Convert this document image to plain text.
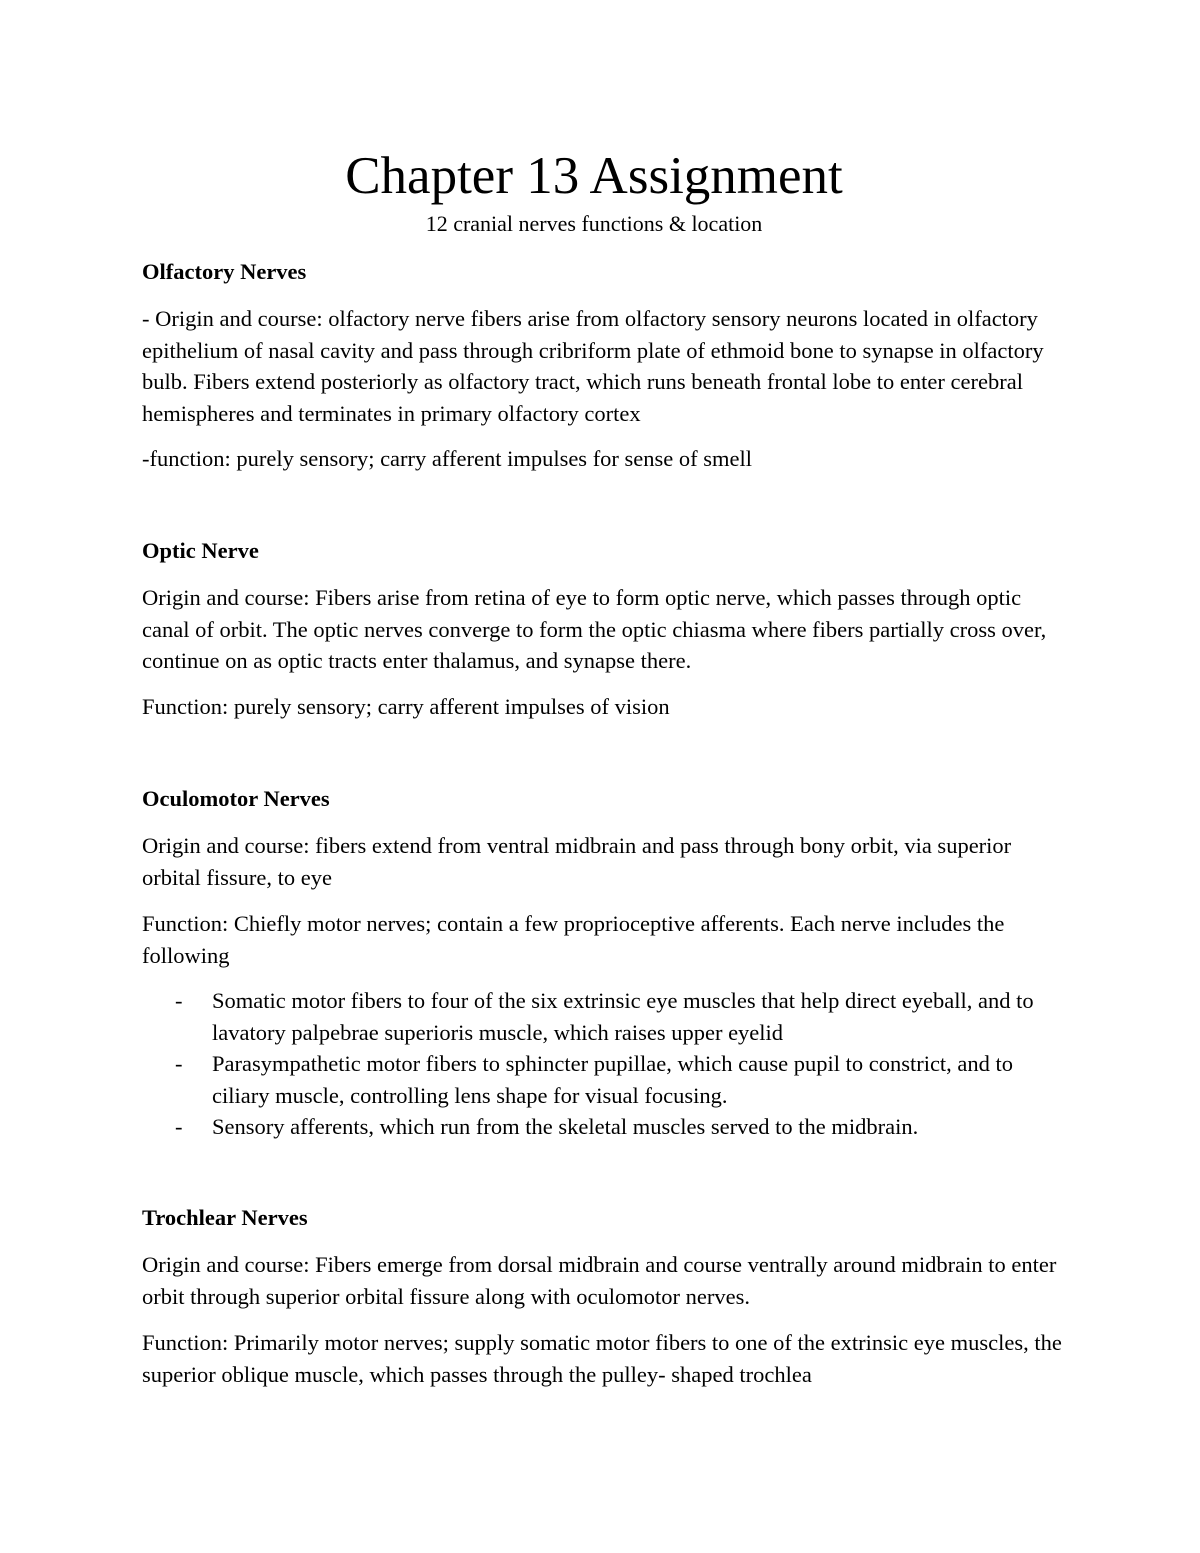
Chapter 13 Assignment

12 cranial nerves functions & location

Olfactory Nerves

- Origin and course: olfactory nerve fibers arise from olfactory sensory neurons located in olfactory epithelium of nasal cavity and pass through cribriform plate of ethmoid bone to synapse in olfactory bulb. Fibers extend posteriorly as olfactory tract, which runs beneath frontal lobe to enter cerebral hemispheres and terminates in primary olfactory cortex

-function: purely sensory; carry afferent impulses for sense of smell

Optic Nerve

Origin and course: Fibers arise from retina of eye to form optic nerve, which passes through optic canal of orbit. The optic nerves converge to form the optic chiasma where fibers partially cross over, continue on as optic tracts enter thalamus, and synapse there.

Function: purely sensory; carry afferent impulses of vision

Oculomotor Nerves

Origin and course: fibers extend from ventral midbrain and pass through bony orbit, via superior orbital fissure, to eye

Function: Chiefly motor nerves; contain a few proprioceptive afferents. Each nerve includes the following

- Somatic motor fibers to four of the six extrinsic eye muscles that help direct eyeball, and to lavatory palpebrae superioris muscle, which raises upper eyelid
- Parasympathetic motor fibers to sphincter pupillae, which cause pupil to constrict, and to ciliary muscle, controlling lens shape for visual focusing.
- Sensory afferents, which run from the skeletal muscles served to the midbrain.

Trochlear Nerves

Origin and course: Fibers emerge from dorsal midbrain and course ventrally around midbrain to enter orbit through superior orbital fissure along with oculomotor nerves.

Function: Primarily motor nerves; supply somatic motor fibers to one of the extrinsic eye muscles, the superior oblique muscle, which passes through the pulley- shaped trochlea
